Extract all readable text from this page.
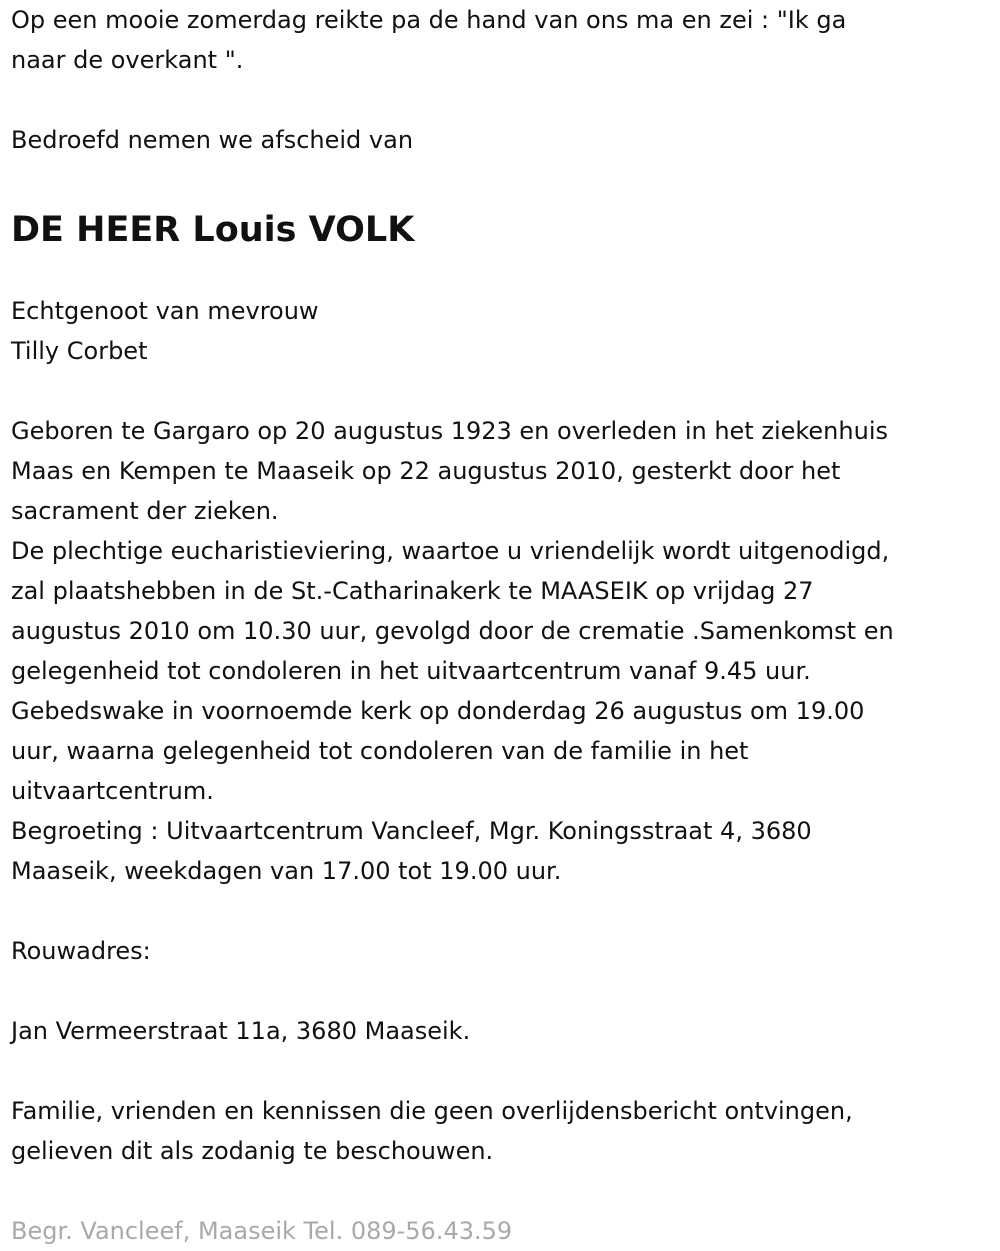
Op een mooie zomerdag reikte pa de hand van ons ma en zei : "Ik ga

naar de overkant ".

Bedroefd nemen we afscheid van

DE HEER Louis VOLK

Echtgenoot van mevrouw

Tilly Corbet

Geboren te Gargaro op 20 augustus 1923 en overleden in het ziekenhuis

Maas en Kempen te Maaseik op 22 augustus 2010, gesterkt door het

sacrament der zieken.

De plechtige eucharistieviering, waartoe u vriendelijk wordt uitgenodigd,

zal plaatshebben in de St.-Catharinakerk te MAASEIK op vrijdag 27

augustus 2010 om 10.30 uur, gevolgd door de crematie .Samenkomst en

gelegenheid tot condoleren in het uitvaartcentrum vanaf 9.45 uur.

Gebedswake in voornoemde kerk op donderdag 26 augustus om 19.00

uur, waarna gelegenheid tot condoleren van de familie in het

uitvaartcentrum.

Begroeting : Uitvaartcentrum Vancleef, Mgr. Koningsstraat 4, 3680

Maaseik, weekdagen van 17.00 tot 19.00 uur.

Rouwadres:

Jan Vermeerstraat 11a, 3680 Maaseik.

Familie, vrienden en kennissen die geen overlijdensbericht ontvingen,

gelieven dit als zodanig te beschouwen.

Begr. Vancleef, Maaseik Tel. 089-56.43.59
